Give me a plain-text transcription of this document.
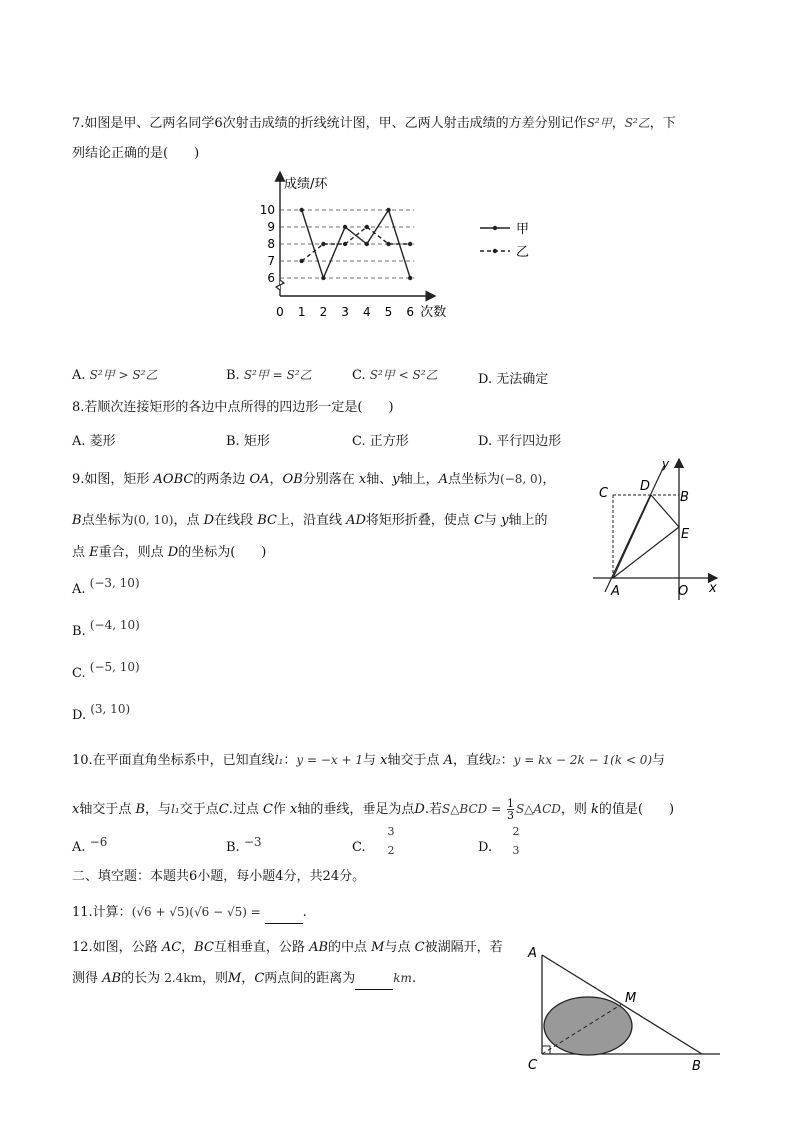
7.如图是甲、乙两名同学6次射击成绩的折线统计图，甲、乙两人射击成绩的方差分别记作S²甲，S²乙，下
列结论正确的是(　　)
成绩/环
次数
6
7
8
9
10
0 1 2 3 4 5 6
甲
乙
A. S²甲 > S²乙	B. S²甲 = S²乙	C. S²甲 < S²乙	D. 无法确定
8.若顺次连接矩形的各边中点所得的四边形一定是(　　)
A. 菱形	B. 矩形	C. 正方形	D. 平行四边形
9.如图，矩形 AOBC的两条边 OA，OB分别落在 x轴、y轴上，A点坐标为(−8, 0)，
B点坐标为(0, 10)，点 D在线段 BC上，沿直线 AD将矩形折叠，使点 C与 y轴上的
点 E重合，则点 D的坐标为(　　)
y
D
B
C
E
A	O x
A. (−3, 10)
B. (−4, 10)
C. (−5, 10)
D. (3, 10)
10.在平面直角坐标系中，已知直线l₁：y = −x + 1与 x轴交于点 A，直线l₂：y = kx − 2k − 1(k < 0)与
x轴交于点 B，与l₁交于点C.过点 C作 x轴的垂线，垂足为点D.若S△BCD = $\frac{1}{3}$ S△ACD，则 k的值是(　　)
A. −6	B. −3	C.
3
2	D.
2
3
二、填空题：本题共6小题，每小题4分，共24分。
11.计算：(√6 + √5)(√6 − √5) =	.
12.如图，公路 AC，BC互相垂直，公路 AB的中点 M与点 C被湖隔开，若
测得 AB的长为 2.4km，则M，C两点间的距离为	km.
A
M
C	B
